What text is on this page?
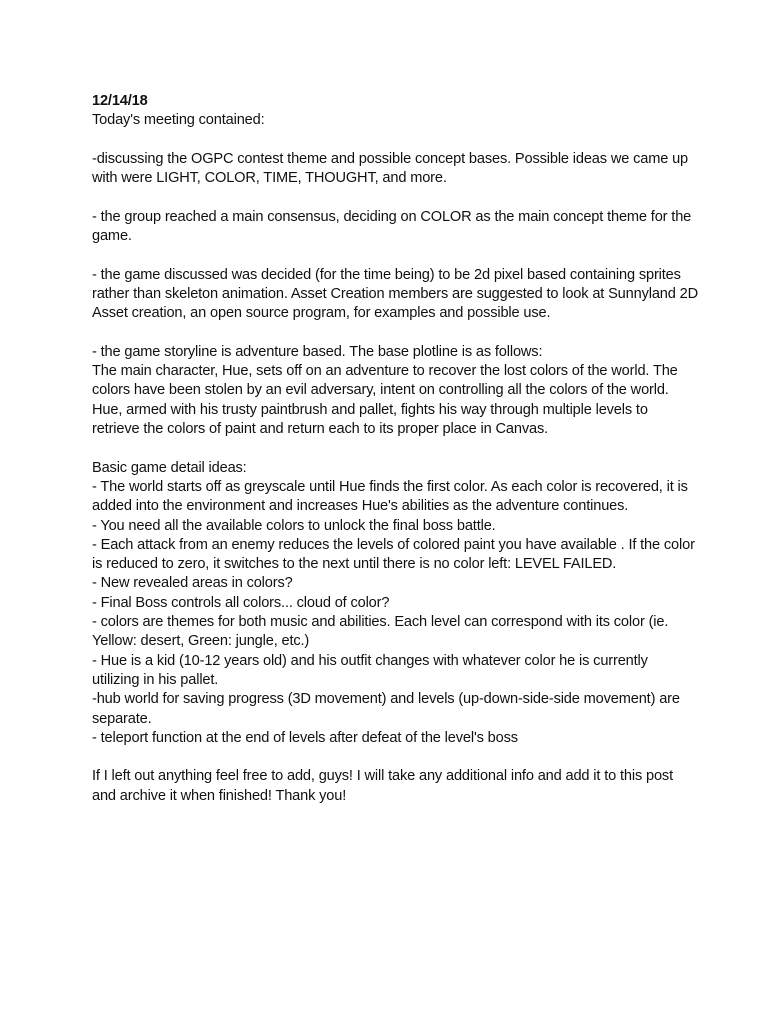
12/14/18
Today's meeting contained:
-discussing the OGPC contest theme and possible concept bases. Possible ideas we came up
with were LIGHT, COLOR, TIME, THOUGHT, and more.
- the group reached a main consensus, deciding on COLOR as the main concept theme for the
game.
- the game discussed was decided (for the time being) to be 2d pixel based containing sprites
rather than skeleton animation. Asset Creation members are suggested to look at Sunnyland 2D
Asset creation, an open source program, for examples and possible use.
- the game storyline is adventure based. The base plotline is as follows:
The main character, Hue, sets off on an adventure to recover the lost colors of the world. The
colors have been stolen by an evil adversary, intent on controlling all the colors of the world.
Hue, armed with his trusty paintbrush and pallet, fights his way through multiple levels to
retrieve the colors of paint and return each to its proper place in Canvas.
Basic game detail ideas:
- The world starts off as greyscale until Hue finds the first color. As each color is recovered, it is
added into the environment and increases Hue's abilities as the adventure continues.
- You need all the available colors to unlock the final boss battle.
- Each attack from an enemy reduces the levels of colored paint you have available . If the color
is reduced to zero, it switches to the next until there is no color left: LEVEL FAILED.
- New revealed areas in colors?
- Final Boss controls all colors... cloud of color?
- colors are themes for both music and abilities. Each level can correspond with its color (ie.
Yellow: desert, Green: jungle, etc.)
- Hue is a kid (10-12 years old) and his outfit changes with whatever color he is currently
utilizing in his pallet.
-hub world for saving progress (3D movement) and levels (up-down-side-side movement) are
separate.
- teleport function at the end of levels after defeat of the level's boss
If I left out anything feel free to add, guys! I will take any additional info and add it to this post
and archive it when finished! Thank you!
